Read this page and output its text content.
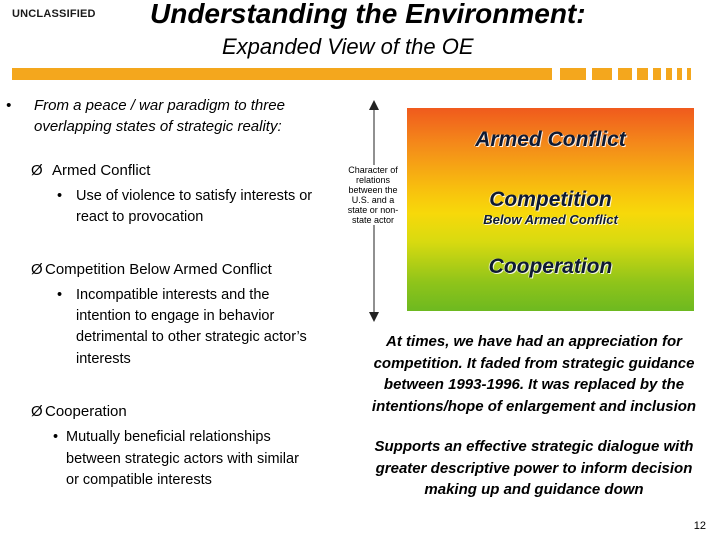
UNCLASSIFIED Understanding the Environment:
Expanded View of the OE
• From a peace / war paradigm to three
overlapping states of strategic reality:
Ø Armed Conflict
• Use of violence to satisfy interests or
react to provocation
Ø Competition Below Armed Conflict
• Incompatible interests and the
intention to engage in behavior
detrimental to other strategic actor’s
interests
Ø Cooperation
• Mutually beneficial relationships
between strategic actors with similar
or compatible interests
Character of
relations
between the
U.S. and a
state or non-
state actor
Armed Conflict
Competition
Below Armed Conflict
Cooperation
At times, we have had an appreciation for
competition. It faded from strategic guidance
between 1993-1996. It was replaced by the
intentions/hope of enlargement and inclusion
Supports an effective strategic dialogue with
greater descriptive power to inform decision
making up and guidance down
12
